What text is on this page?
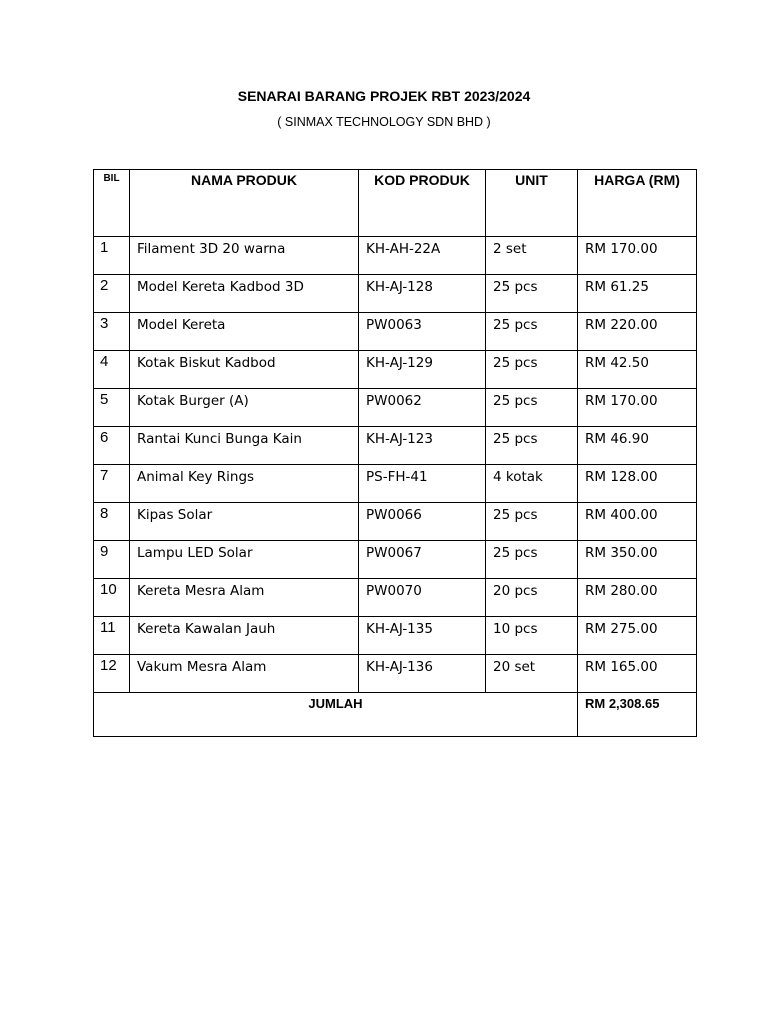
SENARAI BARANG PROJEK RBT 2023/2024
( SINMAX TECHNOLOGY SDN BHD )
BIL	NAMA PRODUK	KOD PRODUK	UNIT	HARGA (RM)
1	Filament 3D 20 warna	KH-AH-22A	2 set	RM 170.00
2	Model Kereta Kadbod 3D	KH-AJ-128	25 pcs	RM 61.25
3	Model Kereta	PW0063	25 pcs	RM 220.00
4	Kotak Biskut Kadbod	KH-AJ-129	25 pcs	RM 42.50
5	Kotak Burger (A)	PW0062	25 pcs	RM 170.00
6	Rantai Kunci Bunga Kain	KH-AJ-123	25 pcs	RM 46.90
7	Animal Key Rings	PS-FH-41	4 kotak	RM 128.00
8	Kipas Solar	PW0066	25 pcs	RM 400.00
9	Lampu LED Solar	PW0067	25 pcs	RM 350.00
10	Kereta Mesra Alam	PW0070	20 pcs	RM 280.00
11	Kereta Kawalan Jauh	KH-AJ-135	10 pcs	RM 275.00
12	Vakum Mesra Alam	KH-AJ-136	20 set	RM 165.00
JUMLAH				RM 2,308.65
